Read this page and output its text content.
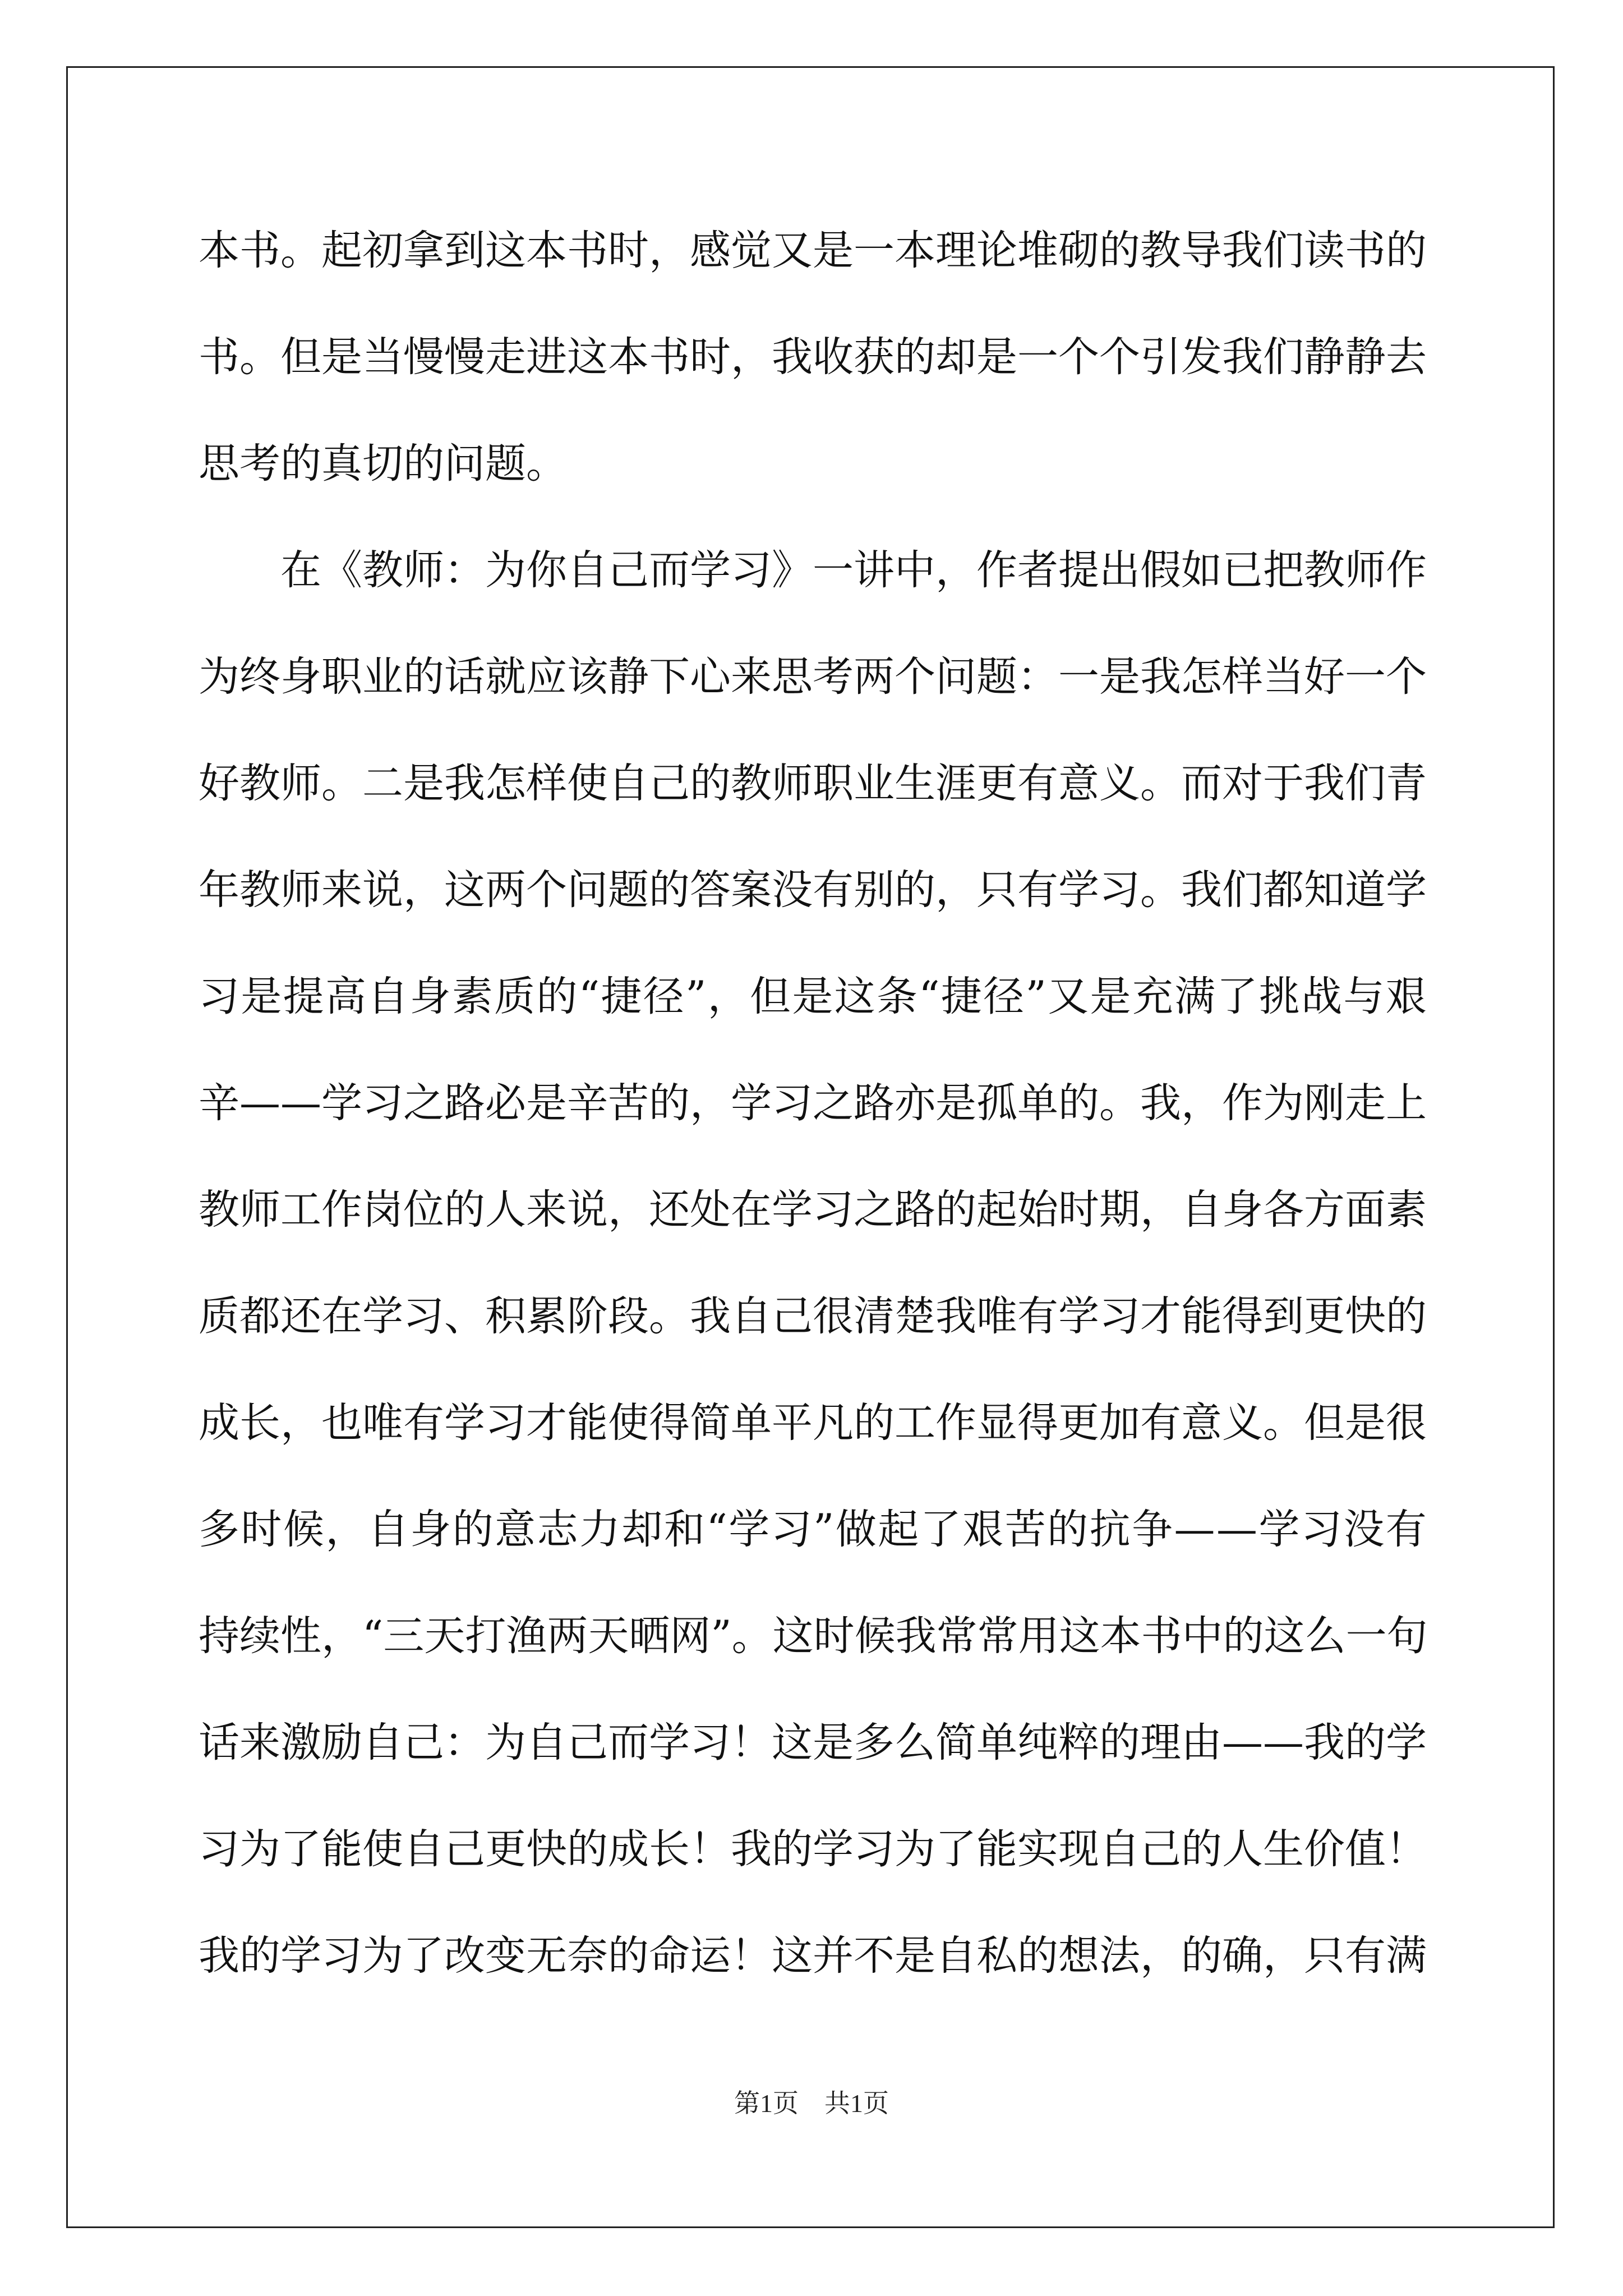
本 书 。 起 初 拿 到 这 本 书 时 ， 感 觉 又 是 一 本 理 论 堆 砌 的 教 导 我 们 读 书 的
书 。 但 是 当 慢 慢 走 进 这 本 书 时 ， 我 收 获 的 却 是 一 个 个 引 发 我 们 静 静 去
思 考 的 真 切 的 问 题 。
在 《 教 师 ： 为 你 自 己 而 学 习 》 一 讲 中 ， 作 者 提 出 假 如 已 把 教 师 作
为 终 身 职 业 的 话 就 应 该 静 下 心 来 思 考 两 个 问 题 ： 一 是 我 怎 样 当 好 一 个
好 教 师 。 二 是 我 怎 样 使 自 己 的 教 师 职 业 生 涯 更 有 意 义 。 而 对 于 我 们 青
年 教 师 来 说 ， 这 两 个 问 题 的 答 案 没 有 别 的 ， 只 有 学 习 。 我 们 都 知 道 学
习 是 提 高 自 身 素 质 的 “ 捷 径 ” ， 但 是 这 条 “ 捷 径 ” 又 是 充 满 了 挑 战 与 艰
辛 — — 学 习 之 路 必 是 辛 苦 的 ， 学 习 之 路 亦 是 孤 单 的 。 我 ， 作 为 刚 走 上
教 师 工 作 岗 位 的 人 来 说 ， 还 处 在 学 习 之 路 的 起 始 时 期 ， 自 身 各 方 面 素
质 都 还 在 学 习 、 积 累 阶 段 。 我 自 己 很 清 楚 我 唯 有 学 习 才 能 得 到 更 快 的
成 长 ， 也 唯 有 学 习 才 能 使 得 简 单 平 凡 的 工 作 显 得 更 加 有 意 义 。 但 是 很
多 时 候 ， 自 身 的 意 志 力 却 和 “ 学 习 ” 做 起 了 艰 苦 的 抗 争 — — 学 习 没 有
持 续 性 ， “ 三 天 打 渔 两 天 晒 网 ” 。 这 时 候 我 常 常 用 这 本 书 中 的 这 么 一 句
话 来 激 励 自 己 ： 为 自 己 而 学 习 ！ 这 是 多 么 简 单 纯 粹 的 理 由 — — 我 的 学
习 为 了 能 使 自 己 更 快 的 成 长 ！ 我 的 学 习 为 了 能 实 现 自 己 的 人 生 价 值 ！
我 的 学 习 为 了 改 变 无 奈 的 命 运 ！ 这 并 不 是 自 私 的 想 法 ， 的 确 ， 只 有 满
第1页　共1页
